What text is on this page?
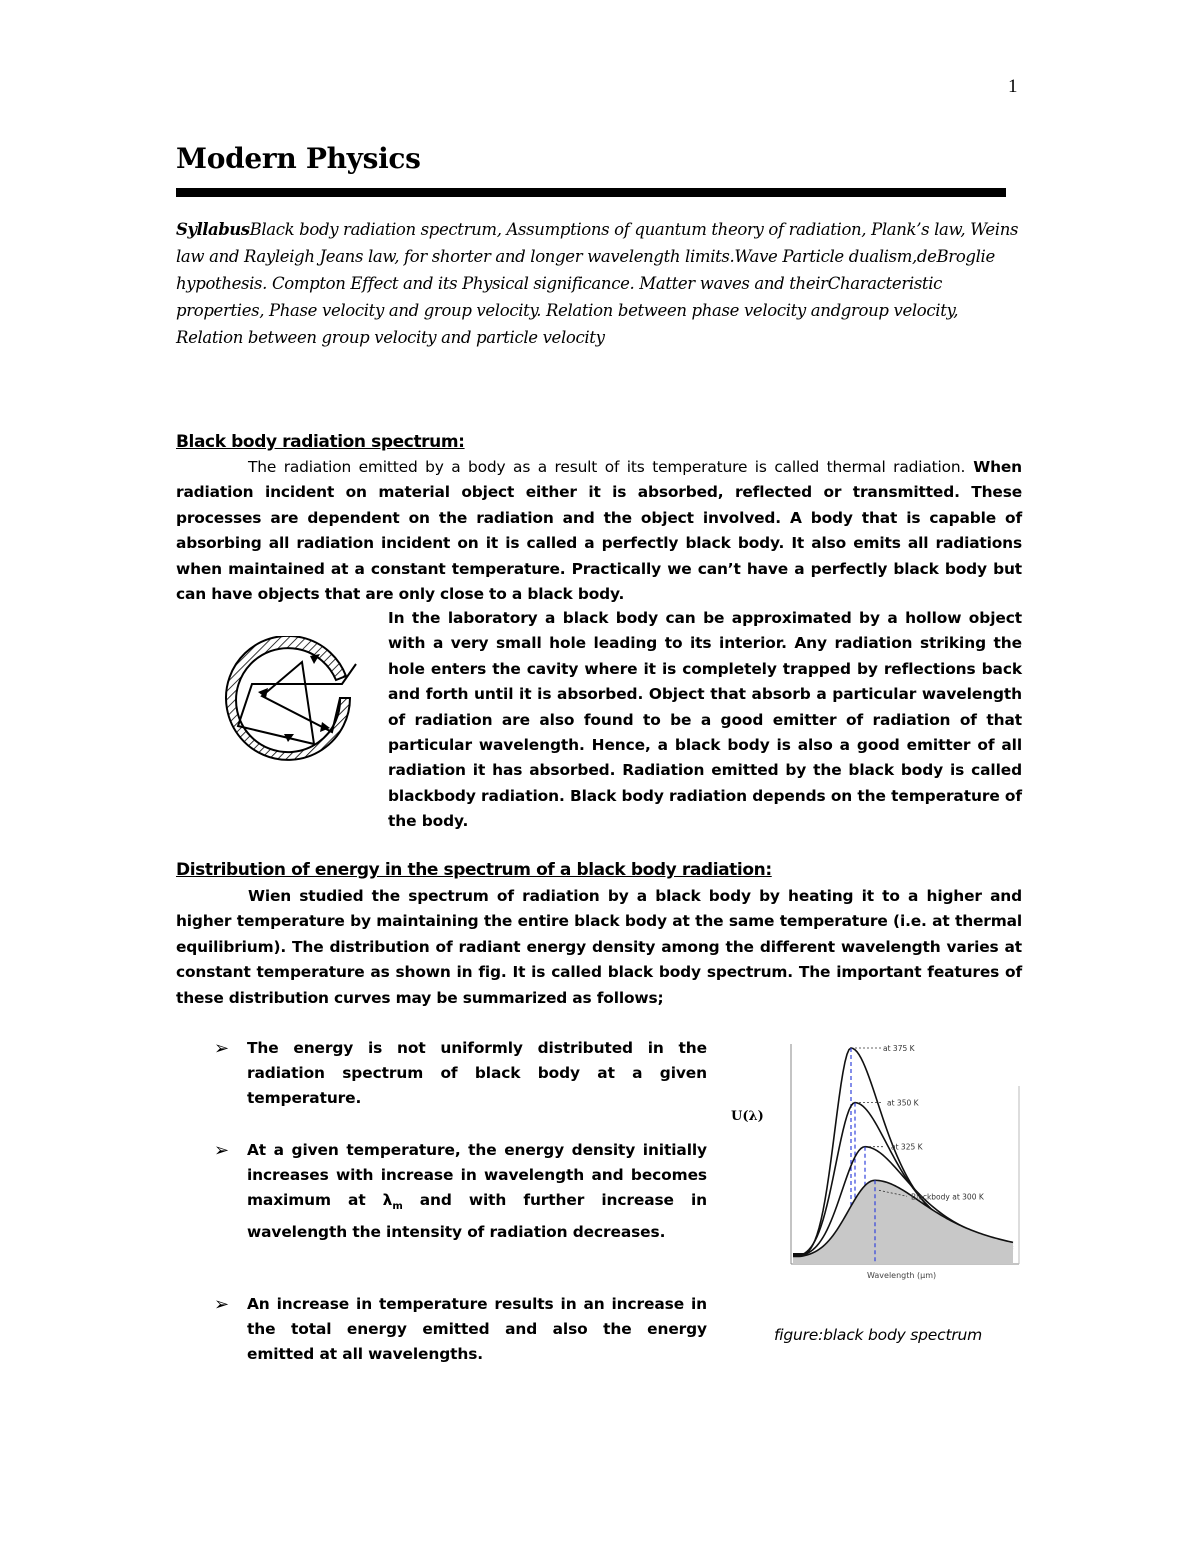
1
Modern Physics
SyllabusBlack body radiation spectrum, Assumptions of quantum theory of radiation, Plank’s law, Weins law and Rayleigh Jeans law, for shorter and longer wavelength limits.Wave Particle dualism,deBroglie hypothesis. Compton Effect and its Physical significance. Matter waves and theirCharacteristic properties, Phase velocity and group velocity. Relation between phase velocity andgroup velocity, Relation between group velocity and particle velocity
Black body radiation spectrum:
The radiation emitted by a body as a result of its temperature is called thermal radiation. When radiation incident on material object either it is absorbed, reflected or transmitted. These processes are dependent on the radiation and the object involved. A body that is capable of absorbing all radiation incident on it is called a perfectly black body. It also emits all radiations when maintained at a constant temperature. Practically we can’t have a perfectly black body but can have objects that are only close to a black body.
In the laboratory a black body can be approximated by a hollow object with a very small hole leading to its interior. Any radiation striking the hole enters the cavity where it is completely trapped by reflections back and forth until it is absorbed. Object that absorb a particular wavelength of radiation are also found to be a good emitter of radiation of that particular wavelength. Hence, a black body is also a good emitter of all radiation it has absorbed. Radiation emitted by the black body is called blackbody radiation. Black body radiation depends on the temperature of the body.
Distribution of energy in the spectrum of a black body radiation:
Wien studied the spectrum of radiation by a black body by heating it to a higher and higher temperature by maintaining the entire black body at the same temperature (i.e. at thermal equilibrium). The distribution of radiant energy density among the different wavelength varies at constant temperature as shown in fig. It is called black body spectrum. The important features of these distribution curves may be summarized as follows;
➢ The energy is not uniformly distributed in the radiation spectrum of black body at a given temperature.
➢ At a given temperature, the energy density initially increases with increase in wavelength and becomes maximum at $\lambda_m$ and with further increase in wavelength the intensity of radiation decreases.
➢ An increase in temperature results in an increase in the total energy emitted and also the energy emitted at all wavelengths.
U(λ)
at 375 K
at 350 K
at 325 K
Blackbody at 300 K
Wavelength (μm)
figure:black body spectrum
